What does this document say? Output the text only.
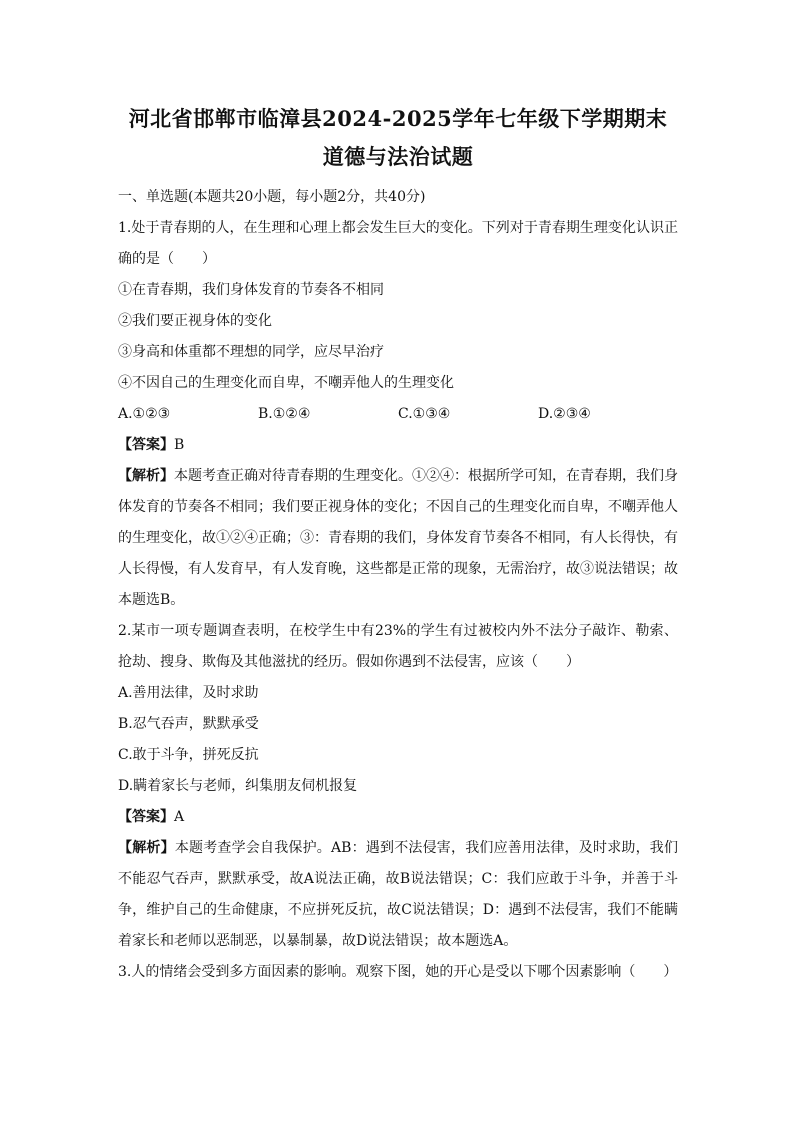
河北省邯郸市临漳县2024-2025学年七年级下学期期末
道德与法治试题
一、单选题(本题共20小题，每小题2分，共40分)
1.处于青春期的人，在生理和心理上都会发生巨大的变化。下列对于青春期生理变化认识正确的是（　　）
①在青春期，我们身体发育的节奏各不相同
②我们要正视身体的变化
③身高和体重都不理想的同学，应尽早治疗
④不因自己的生理变化而自卑，不嘲弄他人的生理变化
A.①②③	B.①②④	C.①③④	D.②③④
【答案】B
【解析】本题考查正确对待青春期的生理变化。①②④：根据所学可知，在青春期，我们身体发育的节奏各不相同；我们要正视身体的变化；不因自己的生理变化而自卑，不嘲弄他人的生理变化，故①②④正确；③：青春期的我们，身体发育节奏各不相同，有人长得快，有人长得慢，有人发育早，有人发育晚，这些都是正常的现象，无需治疗，故③说法错误；故本题选B。
2.某市一项专题调查表明，在校学生中有23%的学生有过被校内外不法分子敲诈、勒索、抢劫、搜身、欺侮及其他滋扰的经历。假如你遇到不法侵害，应该（　　）
A.善用法律，及时求助
B.忍气吞声，默默承受
C.敢于斗争，拼死反抗
D.瞒着家长与老师，纠集朋友伺机报复
【答案】A
【解析】本题考查学会自我保护。AB：遇到不法侵害，我们应善用法律，及时求助，我们不能忍气吞声，默默承受，故A说法正确，故B说法错误；C：我们应敢于斗争，并善于斗争，维护自己的生命健康，不应拼死反抗，故C说法错误；D：遇到不法侵害，我们不能瞒着家长和老师以恶制恶，以暴制暴，故D说法错误；故本题选A。
3.人的情绪会受到多方面因素的影响。观察下图，她的开心是受以下哪个因素影响（　　）
